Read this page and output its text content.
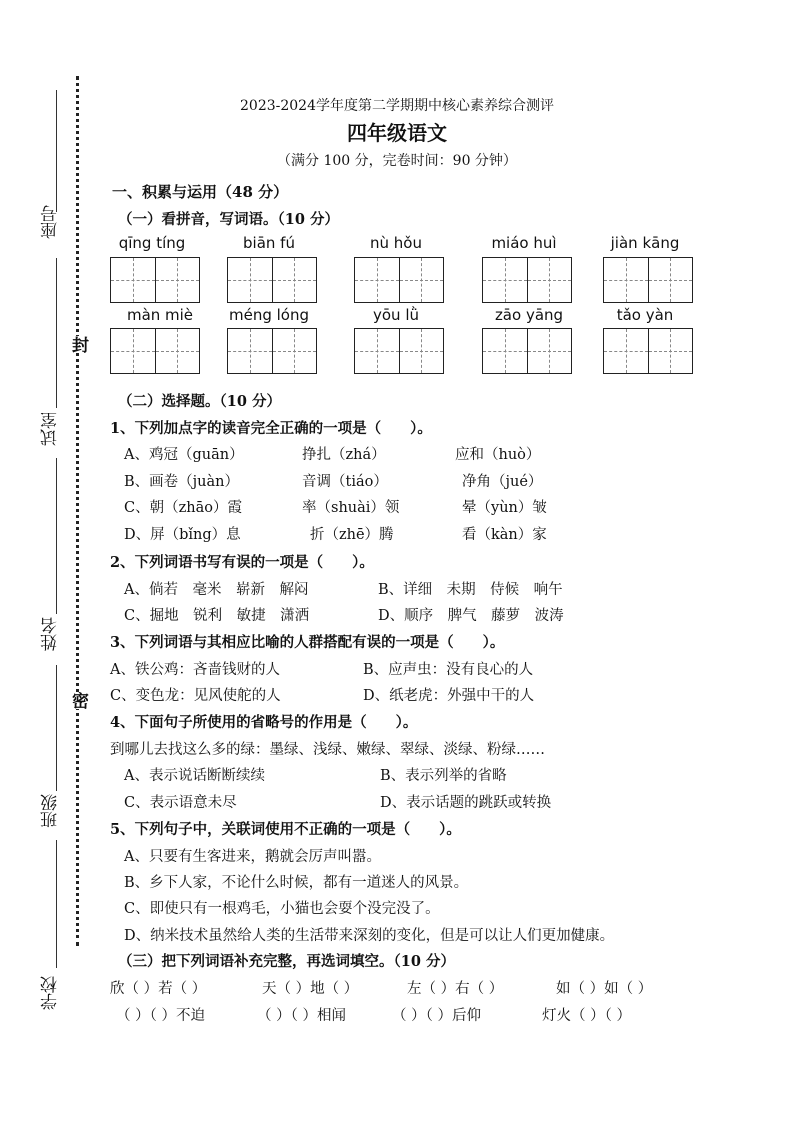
座号
试室
姓名
班级
学校
封
密
2023-2024学年度第二学期期中核心素养综合测评
四年级语文
（满分 100 分，完卷时间：90 分钟）
一、积累与运用（48 分）
（一）看拼音，写词语。（10 分）
qīng tíng	biān fú	nù hǒu	miáo huì	jiàn kāng
màn miè	méng lóng	yōu lǜ	zāo yāng	tǎo yàn
（二）选择题。（10 分）
1、下列加点字的读音完全正确的一项是（　　）。
A、鸡冠（guān）	挣扎（zhá）	应和（huò）
B、画卷（juàn）	音调（tiáo）	净角（jué）
C、朝（zhāo）霞	率（shuài）领	晕（yùn）皱
D、屏（bǐng）息	折（zhē）腾	看（kàn）家
2、下列词语书写有误的一项是（　　）。
A、倘若　毫米　崭新　解闷	B、详细　未期　侍候　响午
C、掘地　锐利　敏捷　潇洒	D、顺序　脾气　藤萝　波涛
3、下列词语与其相应比喻的人群搭配有误的一项是（　　）。
A、铁公鸡：吝啬钱财的人	B、应声虫：没有良心的人
C、变色龙：见风使舵的人	D、纸老虎：外强中干的人
4、下面句子所使用的省略号的作用是（　　）。
到哪儿去找这么多的绿：墨绿、浅绿、嫩绿、翠绿、淡绿、粉绿……
A、表示说话断断续续	B、表示列举的省略
C、表示语意未尽	D、表示话题的跳跃或转换
5、下列句子中，关联词使用不正确的一项是（　　）。
A、只要有生客进来，鹅就会厉声叫嚣。
B、乡下人家，不论什么时候，都有一道迷人的风景。
C、即使只有一根鸡毛，小猫也会耍个没完没了。
D、纳米技术虽然给人类的生活带来深刻的变化，但是可以让人们更加健康。
（三）把下列词语补充完整，再选词填空。（10 分）
欣（ ）若（ ）	天（ ）地（ ）	左（ ）右（ ）	如（ ）如（ ）
（ ）（ ）不迫	（ ）（ ）相闻	（ ）（ ）后仰	灯火（ ）（ ）
